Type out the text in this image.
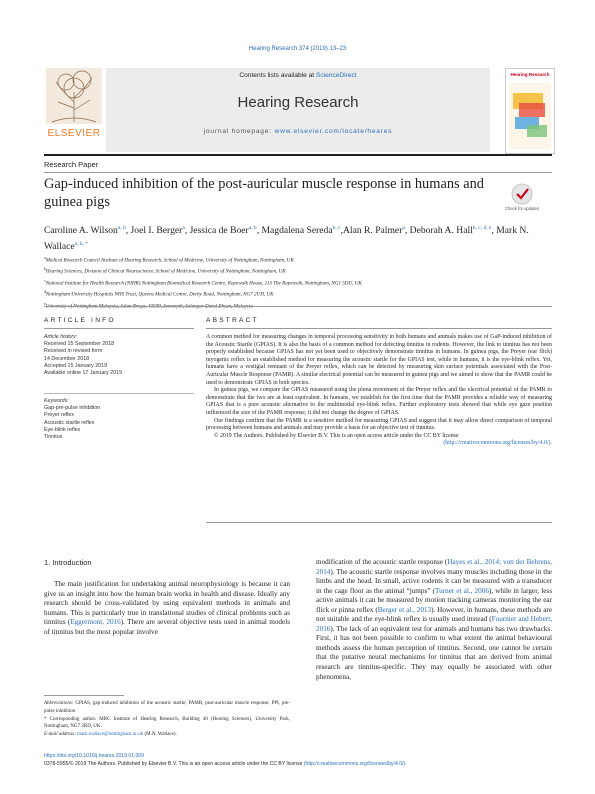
Hearing Research 374 (2019) 13–23
ELSEVIER
Contents lists available at ScienceDirect
Hearing Research
journal homepage: www.elsevier.com/locate/heares
Hearing Research
Research Paper
Gap-induced inhibition of the post-auricular muscle response in humans and guinea pigs	Check for updates
Caroline A. Wilson$^{a, b}$, Joel I. Berger$^a$, Jessica de Boer$^{a, b}$, Magdalena Sereda$^{b, c}$,Alan R. Palmer$^a$, Deborah A. Hall$^{b, c, d, e}$, Mark N. Wallace$^{a, b, *}$
$^a$Medical Research Council Institute of Hearing Research, School of Medicine, University of Nottingham, Nottingham, UK
$^b$Hearing Sciences, Division of Clinical Neuroscience, School of Medicine, University of Nottingham, Nottingham, UK
$^c$National Institute for Health Research (NIHR) Nottingham Biomedical Research Centre, Ropewalk House, 113 The Ropewalk, Nottingham, NG1 5DU, UK
$^d$Nottingham University Hospitals NHS Trust, Queens Medical Centre, Derby Road, Nottingham, NG7 2UH, UK
$^e$
ARTICLE INFO	ABSTRACT
Article history:
Received 15 September 2018
Received in revised form
14 December 2018
Accepted 15 January 2019
Available online 17 January 2019
Keywords:
Gap-pre-pulse inhibition
Preyer reflex
Acoustic startle reflex
Eye-blink reflex
Tinnitus

A common method for measuring changes in temporal processing sensitivity in both humans and animals makes use of GaP-induced inhibition of the Acoustic Startle (GPIAS). It is also the basis of a common method for detecting tinnitus in rodents. However, the link to tinnitus has not been properly established because GPIAS has not yet been used to objectively demonstrate tinnitus in humans. In guinea pigs, the Preyer (ear flick) myogenic reflex is an established method for measuring the acoustic startle for the GPIAS test, while in humans, it is the eye-blink reflex. Yet, humans have a vestigial remnant of the Preyer reflex, which can be detected by measuring skin surface potentials associated with the Post-Auricular Muscle Response (PAMR). A similar electrical potential can be measured in guinea pigs and we aimed to show that the PAMR could be used to demonstrate GPIAS in both species.

In guinea pigs, we compare the GPIAS measured using the pinna movement of the Preyer reflex and the electrical potential of the PAMR to demonstrate that the two are at least equivalent. In humans, we establish for the first time that the PAMR provides a reliable way of measuring GPIAS that is a pure acoustic alternative to the multimodal eye-blink reflex. Further exploratory tests showed that while eye gaze position influenced the size of the PAMR response, it did not change the degree of GPIAS.

Our findings confirm that the PAMR is a sensitive method for measuring GPIAS and suggest that it may allow direct comparison of temporal processing between humans and animals and may provide a basis for an objective test of tinnitus.

© 2019 The Authors. Published by Elsevier B.V. This is an open access article under the CC BY license

(http://creativecommons.org/licenses/by/4.0/).

1. Introduction
The main justification for undertaking animal neurophysiology is because it can give us an insight into how the human brain works in health and disease. Ideally any research should be cross-validated by using equivalent methods in animals and humans. This is particularly true in translational studies of clinical problems such as tinnitus (Eggermont, 2016). There are several objective tests used in animal models of tinnitus but the most popular involve
modification of the acoustic startle response (Hayes et al., 2014; von der Behrens, 2014). The acoustic startle response involves many muscles including those in the limbs and the head. In small, active rodents it can be measured with a transducer in the cage floor as the animal “jumps” (Turner et al., 2006), while in larger, less active animals it can be measured by motion tracking cameras monitoring the ear flick or pinna reflex (Berger et al., 2013). However, in humans, these methods are not suitable and the eye-blink reflex is usually used instead (Fournier and Hebert, 2016). The lack of an equivalent test for animals and humans has two drawbacks. First, it has not been possible to confirm to what extent the animal behavioural methods assess the human perception of tinnitus. Second, one cannot be certain that the putative neural mechanisms for tinnitus that are derived from animal research are tinnitus-specific. They may equally be associated with other phenomena,
Abbreviations: GPIAS, gap-induced inhibition of the acoustic startle; PAMR, post-auricular muscle response; PPI, pre-pulse inhibition
* Corresponding author. MRC Institute of Hearing Research, Building 40 (Hearing Sciences), University Park, Nottingham, NG7 2RD, UK.
E-mail address: mark.wallace@nottingham.ac.uk (M.N. Wallace).
https://doi.org/10.1016/j.heares.2019.01.009
0378-5955/© 2019 The Authors. Published by Elsevier B.V. This is an open access article under the CC BY license (http://creativecommons.org/licenses/by/4.0/).
